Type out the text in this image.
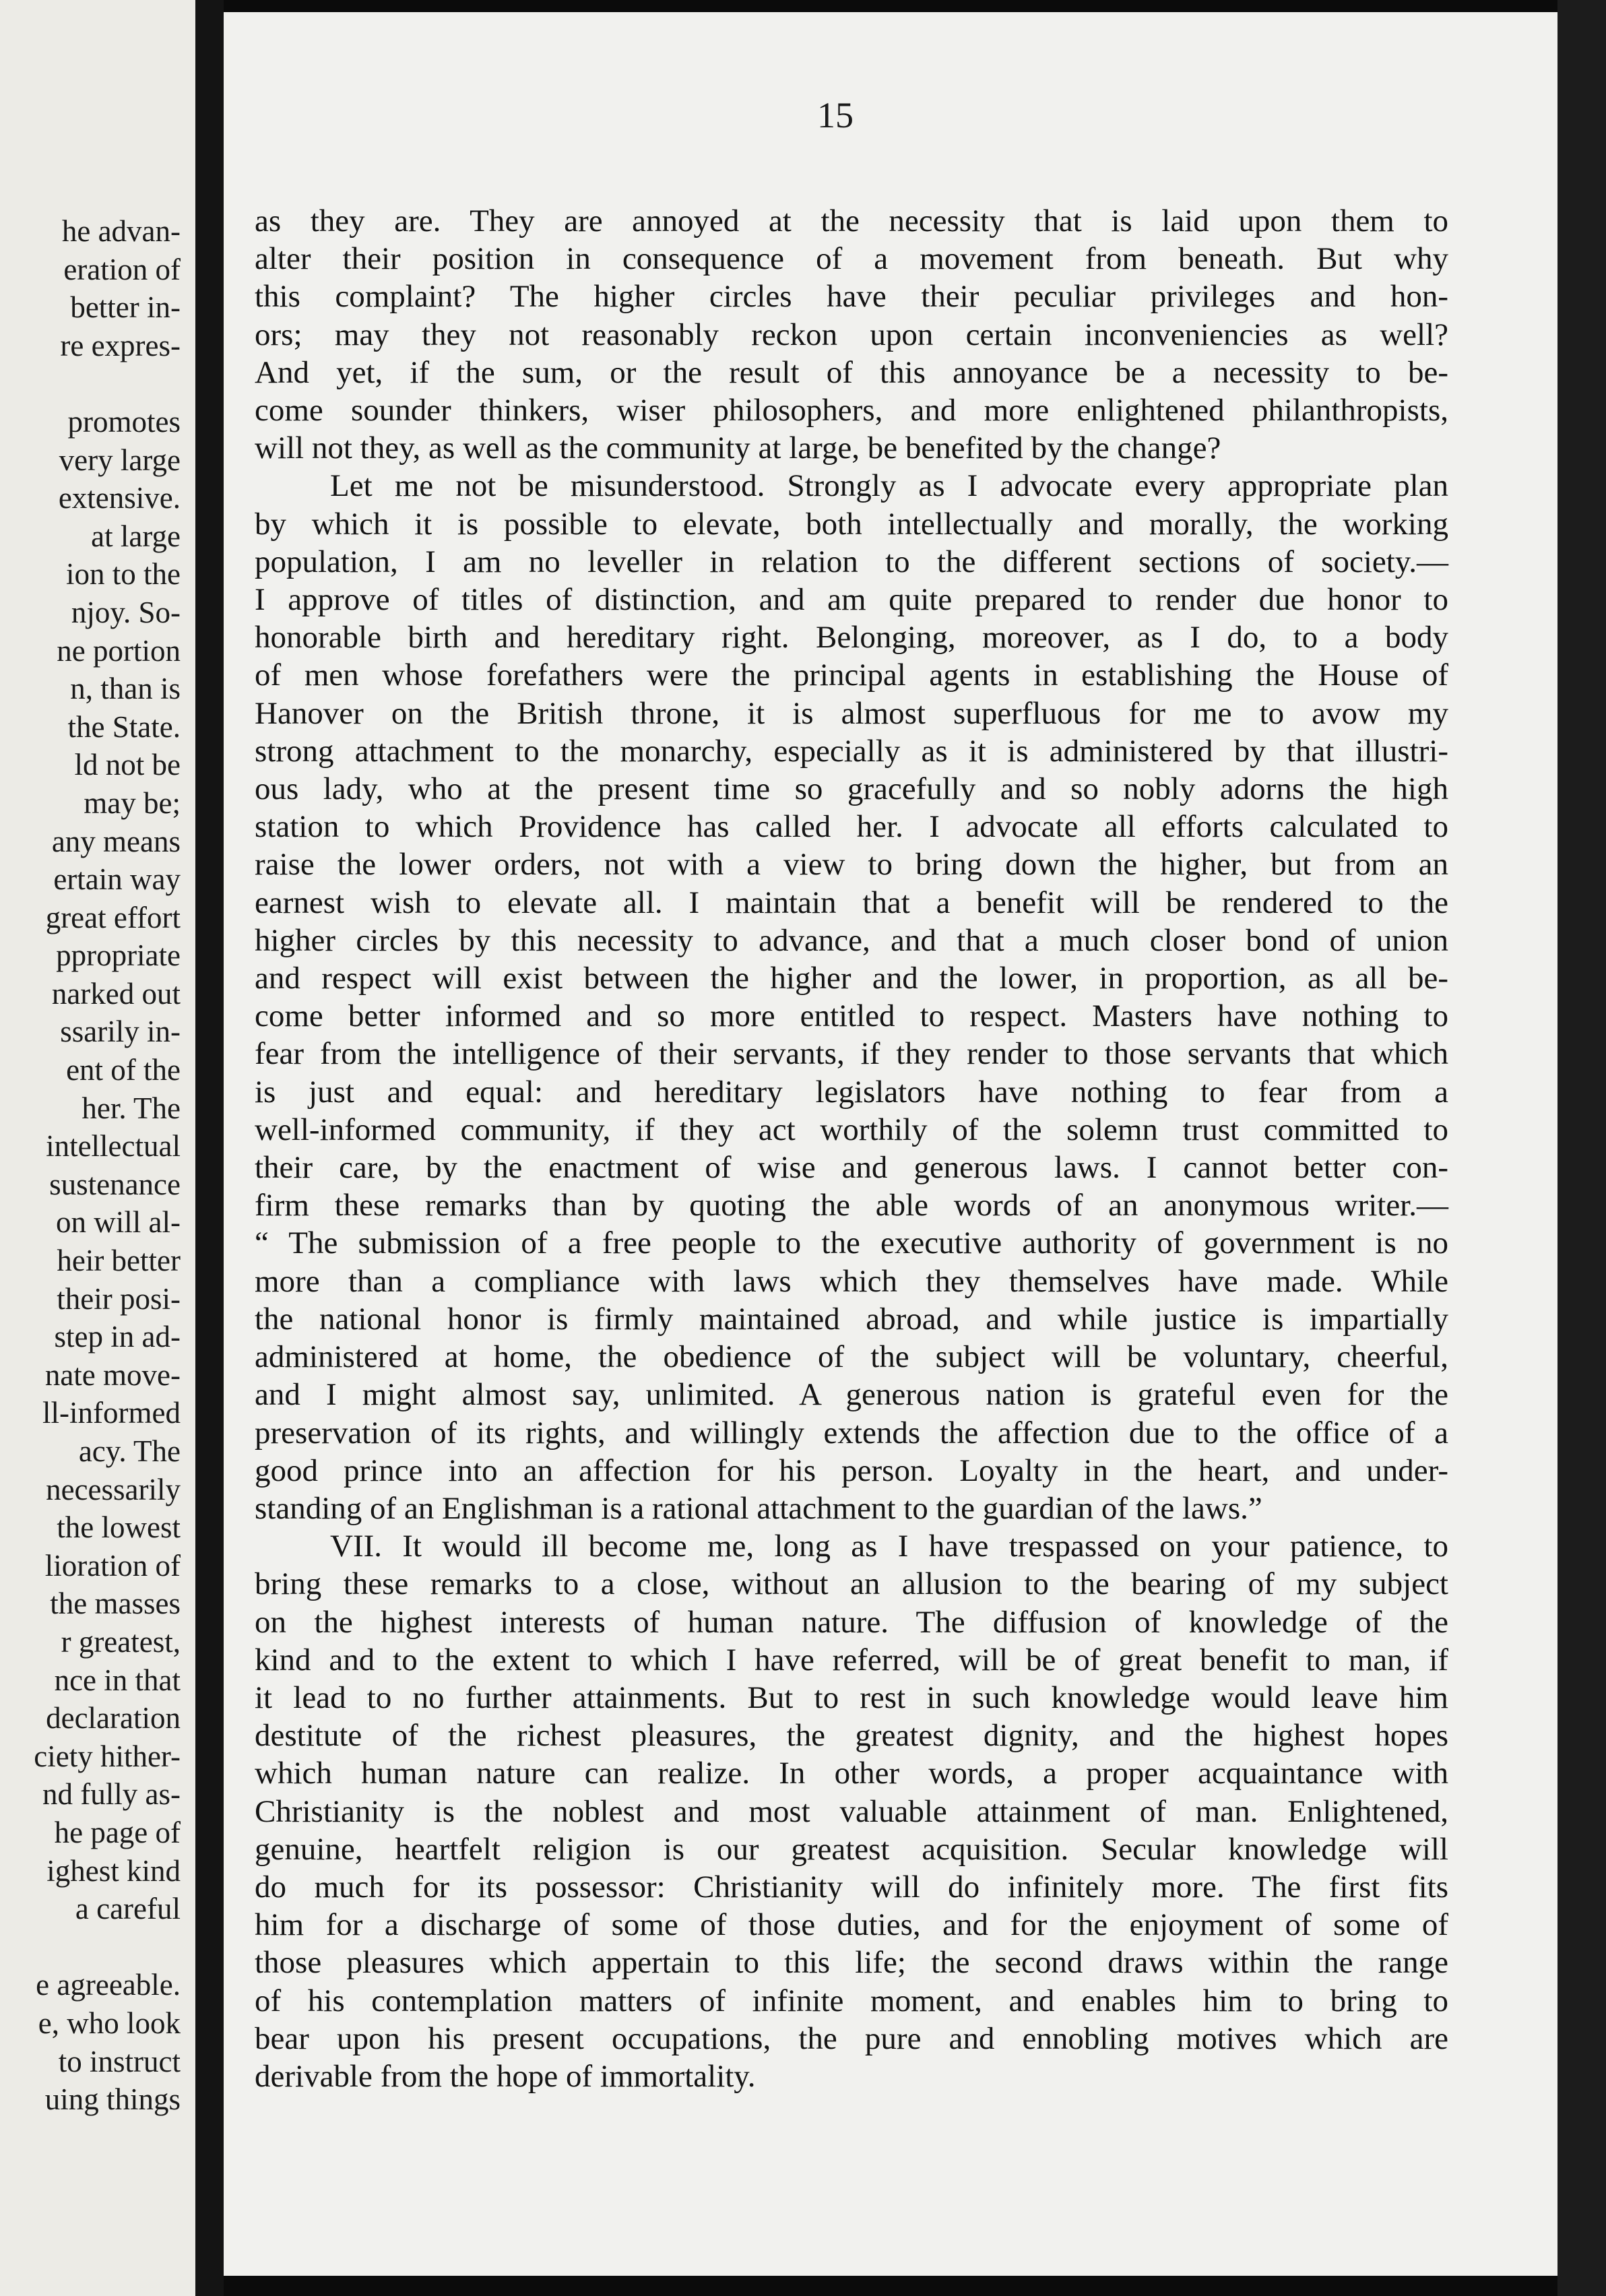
he advan-
eration of
better in-
re expres-
promotes
very large
extensive.
at large
ion to the
njoy. So-
ne portion
n, than is
the State.
ld not be
may be;
any means
ertain way
great effort
ppropriate
narked out
ssarily in-
ent of the
her. The
intellectual
sustenance
on will al-
heir better
their posi-
step in ad-
nate move-
ll-informed
acy. The
necessarily
the lowest
lioration of
the masses
r greatest,
nce in that
declaration
ciety hither-
nd fully as-
he page of
ighest kind
a careful
e agreeable.
e, who look
to instruct
uing things
15
as they are. They are annoyed at the necessity that is laid upon them to
alter their position in consequence of a movement from beneath. But why
this complaint? The higher circles have their peculiar privileges and hon-
ors; may they not reasonably reckon upon certain inconveniencies as well?
And yet, if the sum, or the result of this annoyance be a necessity to be-
come sounder thinkers, wiser philosophers, and more enlightened philanthropists,
will not they, as well as the community at large, be benefited by the change?
Let me not be misunderstood. Strongly as I advocate every appropriate plan
by which it is possible to elevate, both intellectually and morally, the working
population, I am no leveller in relation to the different sections of society.—
I approve of titles of distinction, and am quite prepared to render due honor to
honorable birth and hereditary right. Belonging, moreover, as I do, to a body
of men whose forefathers were the principal agents in establishing the House of
Hanover on the British throne, it is almost superfluous for me to avow my
strong attachment to the monarchy, especially as it is administered by that illustri-
ous lady, who at the present time so gracefully and so nobly adorns the high
station to which Providence has called her. I advocate all efforts calculated to
raise the lower orders, not with a view to bring down the higher, but from an
earnest wish to elevate all. I maintain that a benefit will be rendered to the
higher circles by this necessity to advance, and that a much closer bond of union
and respect will exist between the higher and the lower, in proportion, as all be-
come better informed and so more entitled to respect. Masters have nothing to
fear from the intelligence of their servants, if they render to those servants that which
is just and equal: and hereditary legislators have nothing to fear from a
well-informed community, if they act worthily of the solemn trust committed to
their care, by the enactment of wise and generous laws. I cannot better con-
firm these remarks than by quoting the able words of an anonymous writer.—
“ The submission of a free people to the executive authority of government is no
more than a compliance with laws which they themselves have made. While
the national honor is firmly maintained abroad, and while justice is impartially
administered at home, the obedience of the subject will be voluntary, cheerful,
and I might almost say, unlimited. A generous nation is grateful even for the
preservation of its rights, and willingly extends the affection due to the office of a
good prince into an affection for his person. Loyalty in the heart, and under-
standing of an Englishman is a rational attachment to the guardian of the laws.”
VII. It would ill become me, long as I have trespassed on your patience, to
bring these remarks to a close, without an allusion to the bearing of my subject
on the highest interests of human nature. The diffusion of knowledge of the
kind and to the extent to which I have referred, will be of great benefit to man, if
it lead to no further attainments. But to rest in such knowledge would leave him
destitute of the richest pleasures, the greatest dignity, and the highest hopes
which human nature can realize. In other words, a proper acquaintance with
Christianity is the noblest and most valuable attainment of man. Enlightened,
genuine, heartfelt religion is our greatest acquisition. Secular knowledge will
do much for its possessor: Christianity will do infinitely more. The first fits
him for a discharge of some of those duties, and for the enjoyment of some of
those pleasures which appertain to this life; the second draws within the range
of his contemplation matters of infinite moment, and enables him to bring to
bear upon his present occupations, the pure and ennobling motives which are
derivable from the hope of immortality.
